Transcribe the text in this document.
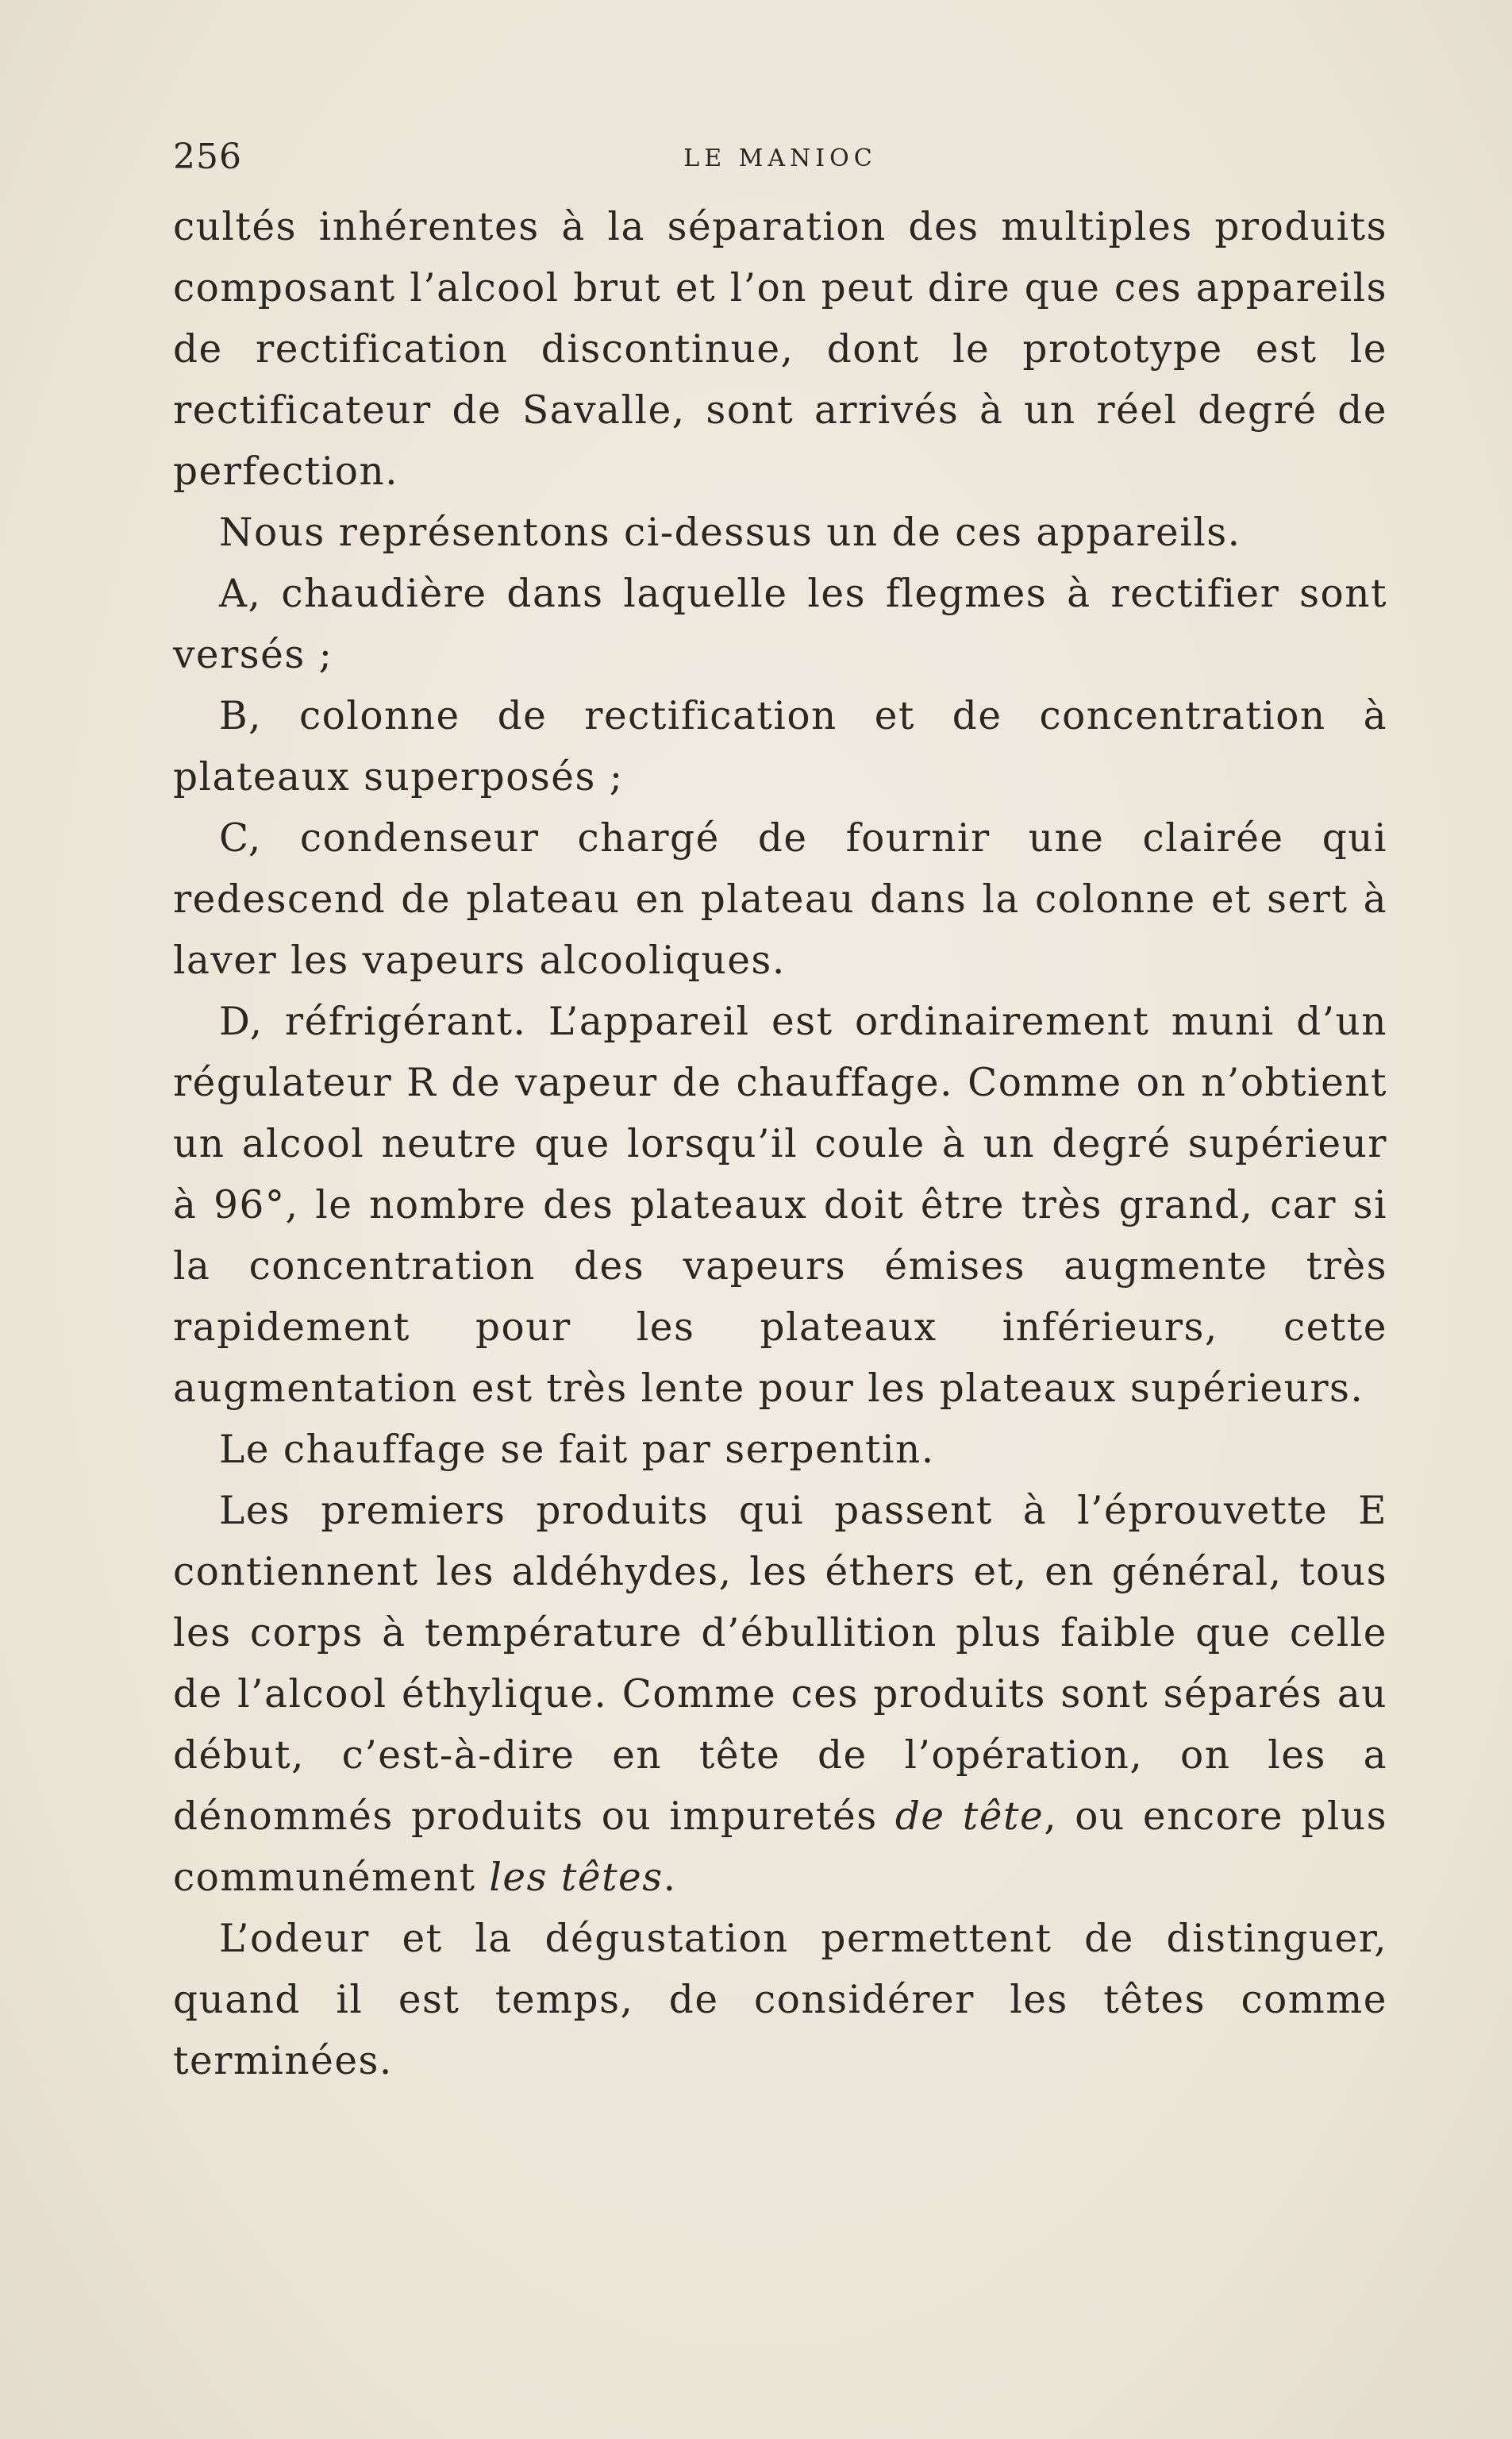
256	LE MANIOC

cultés inhérentes à la séparation des multiples produits composant l’alcool brut et l’on peut dire que ces appareils de rectification discontinue, dont le prototype est le rectificateur de Savalle, sont arrivés à un réel degré de perfection.

Nous représentons ci-dessus un de ces appareils.

A, chaudière dans laquelle les flegmes à rectifier sont versés ;

B, colonne de rectification et de concentration à plateaux superposés ;

C, condenseur chargé de fournir une clairée qui redescend de plateau en plateau dans la colonne et sert à laver les vapeurs alcooliques.

D, réfrigérant. L’appareil est ordinairement muni d’un régulateur R de vapeur de chauffage. Comme on n’obtient un alcool neutre que lorsqu’il coule à un degré supérieur à 96°, le nombre des plateaux doit être très grand, car si la concentration des vapeurs émises augmente très rapidement pour les plateaux inférieurs, cette augmentation est très lente pour les plateaux supérieurs.

Le chauffage se fait par serpentin.

Les premiers produits qui passent à l’éprouvette E contiennent les aldéhydes, les éthers et, en général, tous les corps à température d’ébullition plus faible que celle de l’alcool éthylique. Comme ces produits sont séparés au début, c’est-à-dire en tête de l’opération, on les a dénommés produits ou impuretés de tête, ou encore plus communément les têtes.

L’odeur et la dégustation permettent de distinguer, quand il est temps, de considérer les têtes comme terminées.
